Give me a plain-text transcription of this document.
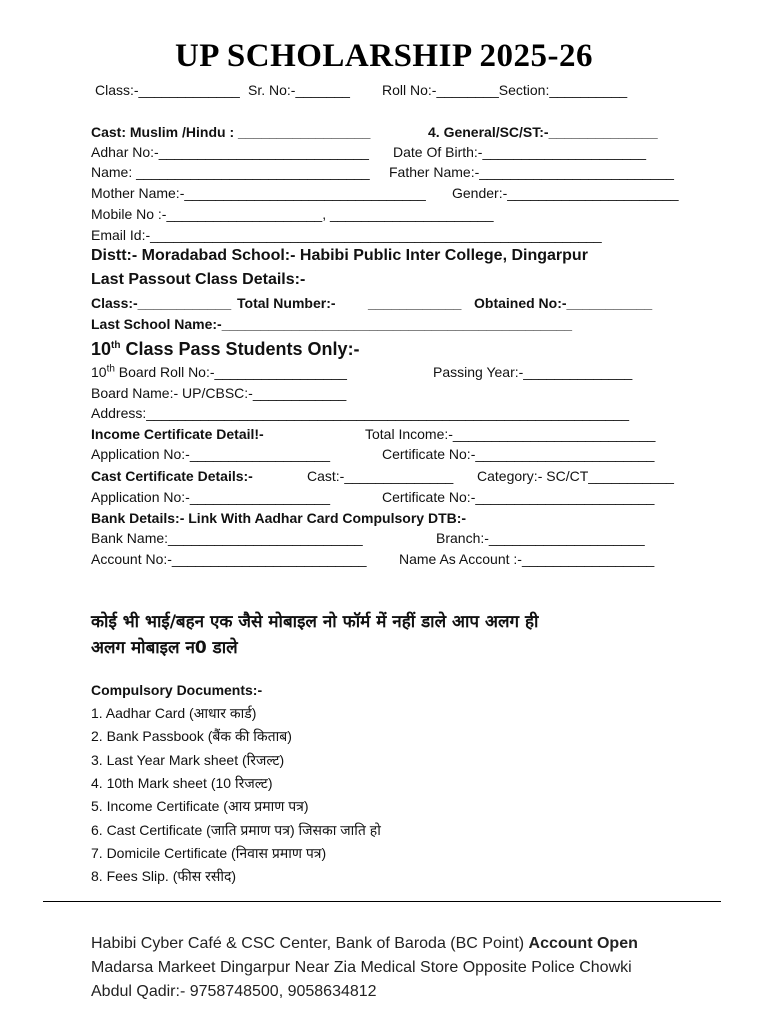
UP SCHOLARSHIP 2025-26
Class:-_____________ Sr. No:-_______ Roll No:-________Section:__________
Cast: Muslim /Hindu : _________________	4. General/SC/ST:-______________
Adhar No:-___________________________ Date Of Birth:-_____________________
Name: ______________________________ Father Name:-_________________________
Mother Name:-_______________________________ Gender:-______________________
Mobile No :-____________________, _____________________
Email Id:-__________________________________________________________
Distt:- Moradabad School:- Habibi Public Inter College, Dingarpur
Last Passout Class Details:-
Class:-____________ Total Number:- ____________ Obtained No:-___________
Last School Name:-_____________________________________________
10th Class Pass Students Only:-
10th Board Roll No:-_________________	Passing Year:-______________
Board Name:- UP/CBSC:-____________
Address:______________________________________________________________
Income Certificate Detail!-	Total Income:-__________________________
Application No:-__________________	Certificate No:-_______________________
Cast Certificate Details:-	Cast:-______________ Category:- SC/CT___________
Application No:-__________________	Certificate No:-_______________________
Bank Details:- Link With Aadhar Card Compulsory DTB:-
Bank Name:_________________________	Branch:-____________________
Account No:-_________________________ Name As Account :-_________________
कोई भी भाई/बहन एक जैसे मोबाइल नो फॉर्म में नहीं डाले आप अलग ही
अलग मोबाइल न0 डाले
Compulsory Documents:-
1. Aadhar Card (आधार कार्ड)
2. Bank Passbook (बैंक की किताब)
3. Last Year Mark sheet (रिजल्ट)
4. 10th Mark sheet (10 रिजल्ट)
5. Income Certificate (आय प्रमाण पत्र)
6. Cast Certificate (जाति प्रमाण पत्र) जिसका जाति हो
7. Domicile Certificate (निवास प्रमाण पत्र)
8. Fees Slip. (फीस रसीद)
Habibi Cyber Café & CSC Center, Bank of Baroda (BC Point) Account Open
Madarsa Markeet Dingarpur Near Zia Medical Store Opposite Police Chowki
Abdul Qadir:- 9758748500, 9058634812
